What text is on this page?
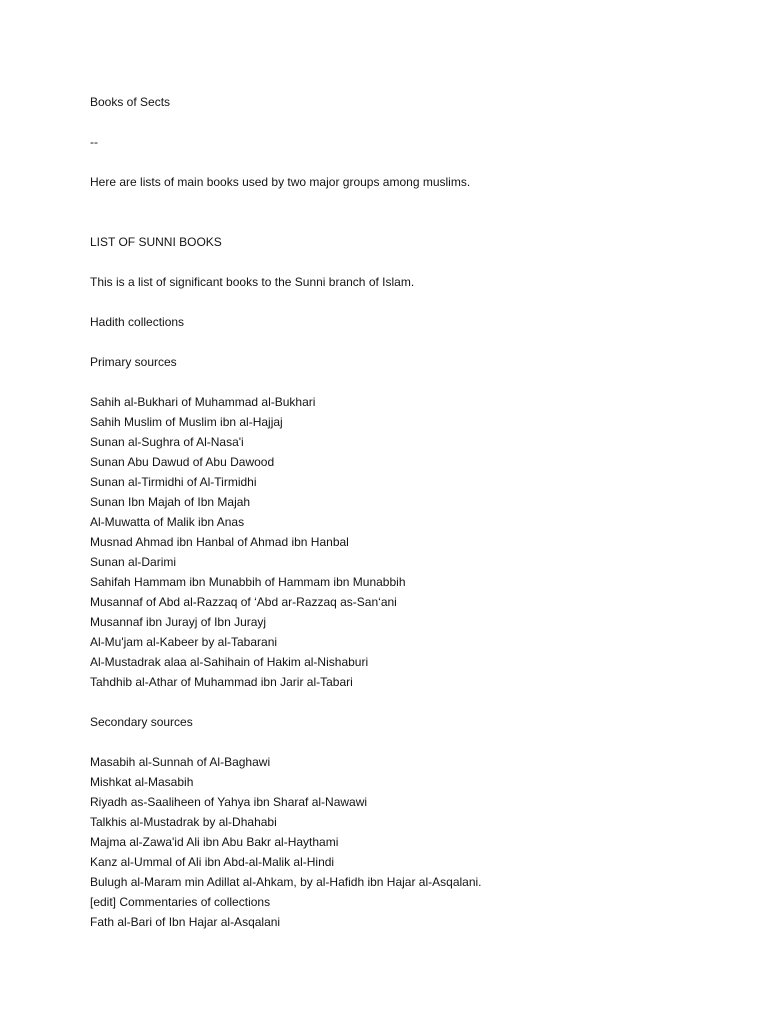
Books of Sects

--

Here are lists of main books used by two major groups among muslims.

LIST OF SUNNI BOOKS

This is a list of significant books to the Sunni branch of Islam.

Hadith collections

Primary sources

Sahih al-Bukhari of Muhammad al-Bukhari
Sahih Muslim of Muslim ibn al-Hajjaj
Sunan al-Sughra of Al-Nasa'i
Sunan Abu Dawud of Abu Dawood
Sunan al-Tirmidhi of Al-Tirmidhi
Sunan Ibn Majah of Ibn Majah
Al-Muwatta of Malik ibn Anas
Musnad Ahmad ibn Hanbal of Ahmad ibn Hanbal
Sunan al-Darimi
Sahifah Hammam ibn Munabbih of Hammam ibn Munabbih
Musannaf of Abd al-Razzaq of ‘Abd ar-Razzaq as-San‘ani
Musannaf ibn Jurayj of Ibn Jurayj
Al-Mu'jam al-Kabeer by al-Tabarani
Al-Mustadrak alaa al-Sahihain of Hakim al-Nishaburi
Tahdhib al-Athar of Muhammad ibn Jarir al-Tabari

Secondary sources

Masabih al-Sunnah of Al-Baghawi
Mishkat al-Masabih
Riyadh as-Saaliheen of Yahya ibn Sharaf al-Nawawi
Talkhis al-Mustadrak by al-Dhahabi
Majma al-Zawa'id Ali ibn Abu Bakr al-Haythami
Kanz al-Ummal of Ali ibn Abd-al-Malik al-Hindi
Bulugh al-Maram min Adillat al-Ahkam, by al-Hafidh ibn Hajar al-Asqalani.
[edit] Commentaries of collections
Fath al-Bari of Ibn Hajar al-Asqalani
